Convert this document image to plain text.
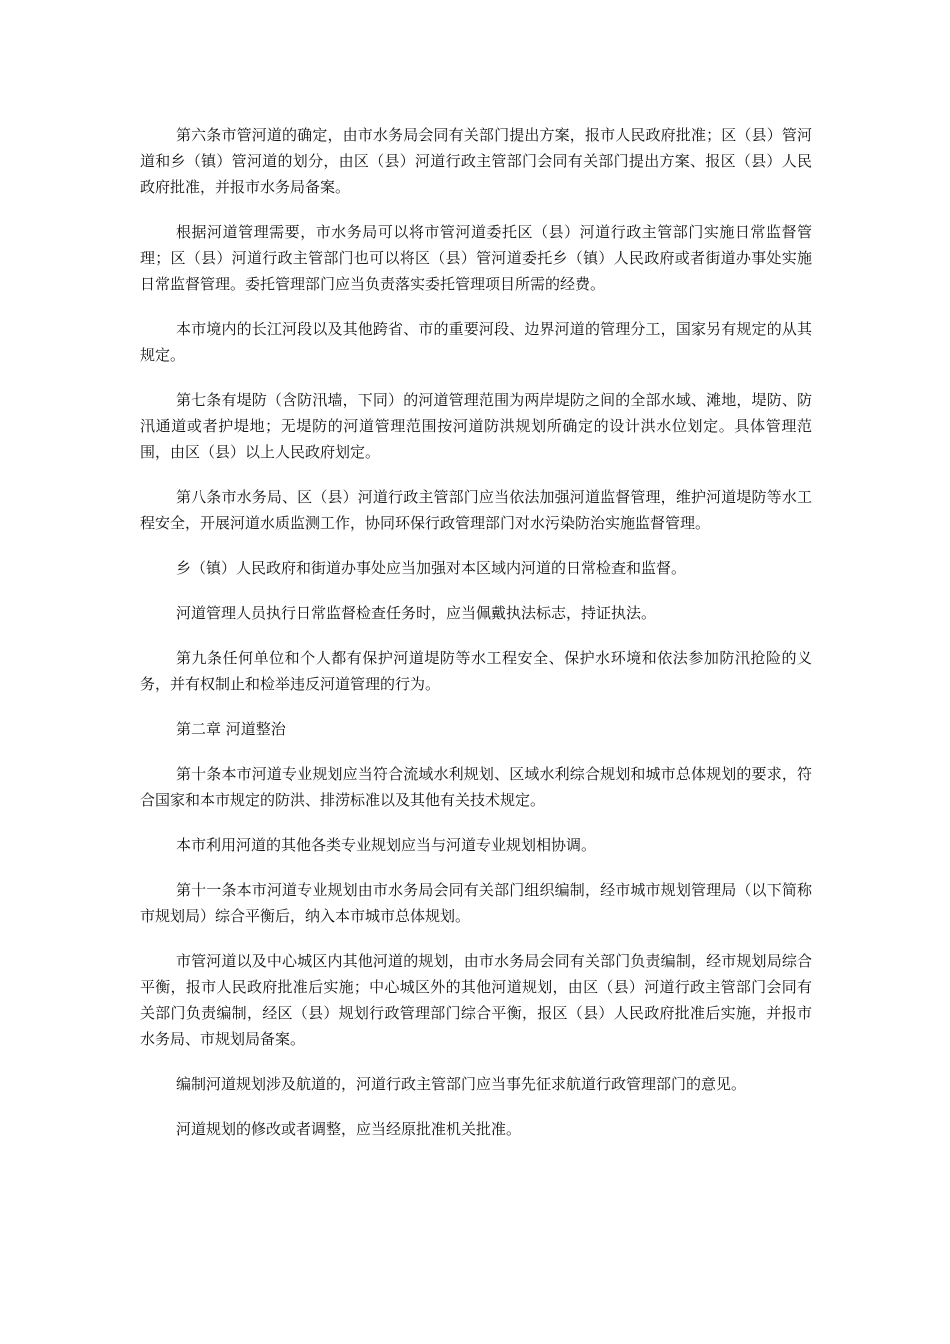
第六条市管河道的确定，由市水务局会同有关部门提出方案，报市人民政府批准；区（县）管河道和乡（镇）管河道的划分，由区（县）河道行政主管部门会同有关部门提出方案、报区（县）人民政府批准，并报市水务局备案。

根据河道管理需要，市水务局可以将市管河道委托区（县）河道行政主管部门实施日常监督管理；区（县）河道行政主管部门也可以将区（县）管河道委托乡（镇）人民政府或者街道办事处实施日常监督管理。委托管理部门应当负责落实委托管理项目所需的经费。

本市境内的长江河段以及其他跨省、市的重要河段、边界河道的管理分工，国家另有规定的从其规定。

第七条有堤防（含防汛墙，下同）的河道管理范围为两岸堤防之间的全部水域、滩地，堤防、防汛通道或者护堤地；无堤防的河道管理范围按河道防洪规划所确定的设计洪水位划定。具体管理范围，由区（县）以上人民政府划定。

第八条市水务局、区（县）河道行政主管部门应当依法加强河道监督管理，维护河道堤防等水工程安全，开展河道水质监测工作，协同环保行政管理部门对水污染防治实施监督管理。

乡（镇）人民政府和街道办事处应当加强对本区域内河道的日常检查和监督。

河道管理人员执行日常监督检查任务时，应当佩戴执法标志，持证执法。

第九条任何单位和个人都有保护河道堤防等水工程安全、保护水环境和依法参加防汛抢险的义务，并有权制止和检举违反河道管理的行为。

第二章 河道整治

第十条本市河道专业规划应当符合流域水利规划、区域水利综合规划和城市总体规划的要求，符合国家和本市规定的防洪、排涝标准以及其他有关技术规定。

本市利用河道的其他各类专业规划应当与河道专业规划相协调。

第十一条本市河道专业规划由市水务局会同有关部门组织编制，经市城市规划管理局（以下简称市规划局）综合平衡后，纳入本市城市总体规划。

市管河道以及中心城区内其他河道的规划，由市水务局会同有关部门负责编制，经市规划局综合平衡，报市人民政府批准后实施；中心城区外的其他河道规划，由区（县）河道行政主管部门会同有关部门负责编制，经区（县）规划行政管理部门综合平衡，报区（县）人民政府批准后实施，并报市水务局、市规划局备案。

编制河道规划涉及航道的，河道行政主管部门应当事先征求航道行政管理部门的意见。

河道规划的修改或者调整，应当经原批准机关批准。
